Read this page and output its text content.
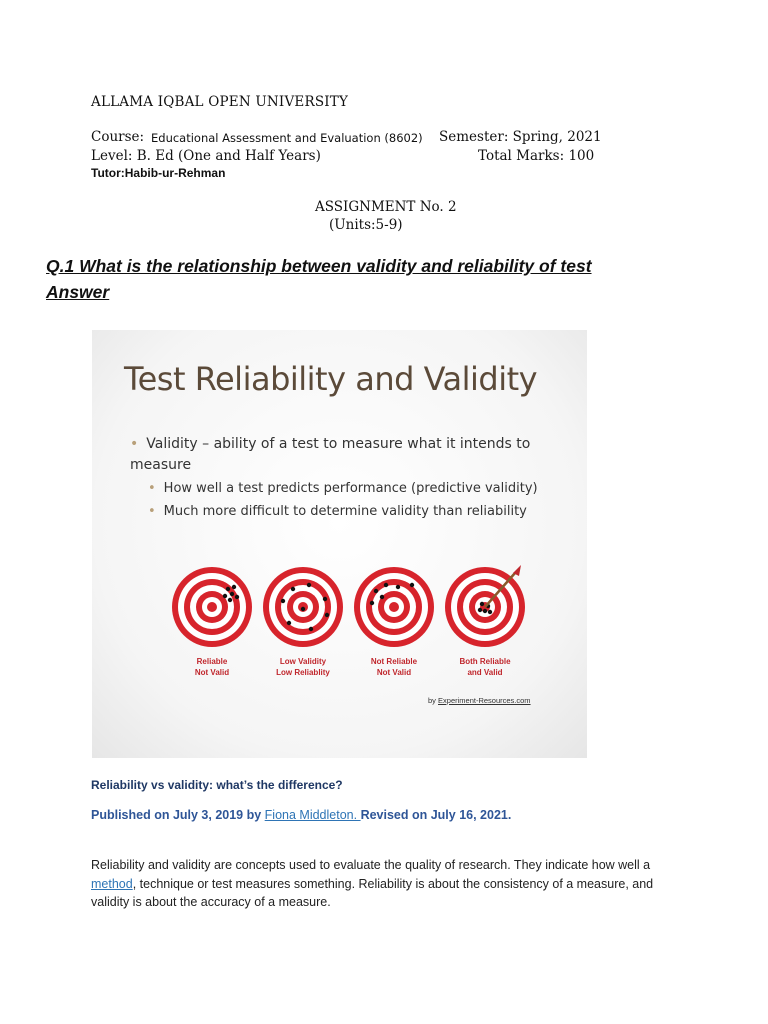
ALLAMA IQBAL OPEN UNIVERSITY
Course: Educational Assessment and Evaluation (8602) Semester: Spring, 2021
Level: B. Ed (One and Half Years)	Total Marks: 100
Tutor:Habib-ur-Rehman
ASSIGNMENT No. 2
(Units:5-9)
Q.1 What is the relationship between validity and reliability of test
Answer
Test Reliability and Validity
• Validity – ability of a test to measure what it intends to measure
• How well a test predicts performance (predictive validity)
• Much more difficult to determine validity than reliability
Reliable
Not Valid
Low Validity
Low Reliablity
Not Reliable
Not Valid
Both Reliable
and Valid
by Experiment-Resources.com
Reliability vs validity: what’s the difference?
Published on July 3, 2019 by Fiona Middleton. Revised on July 16, 2021.
Reliability and validity are concepts used to evaluate the quality of research. They indicate how well a method, technique or test measures something. Reliability is about the consistency of a measure, and validity is about the accuracy of a measure.
